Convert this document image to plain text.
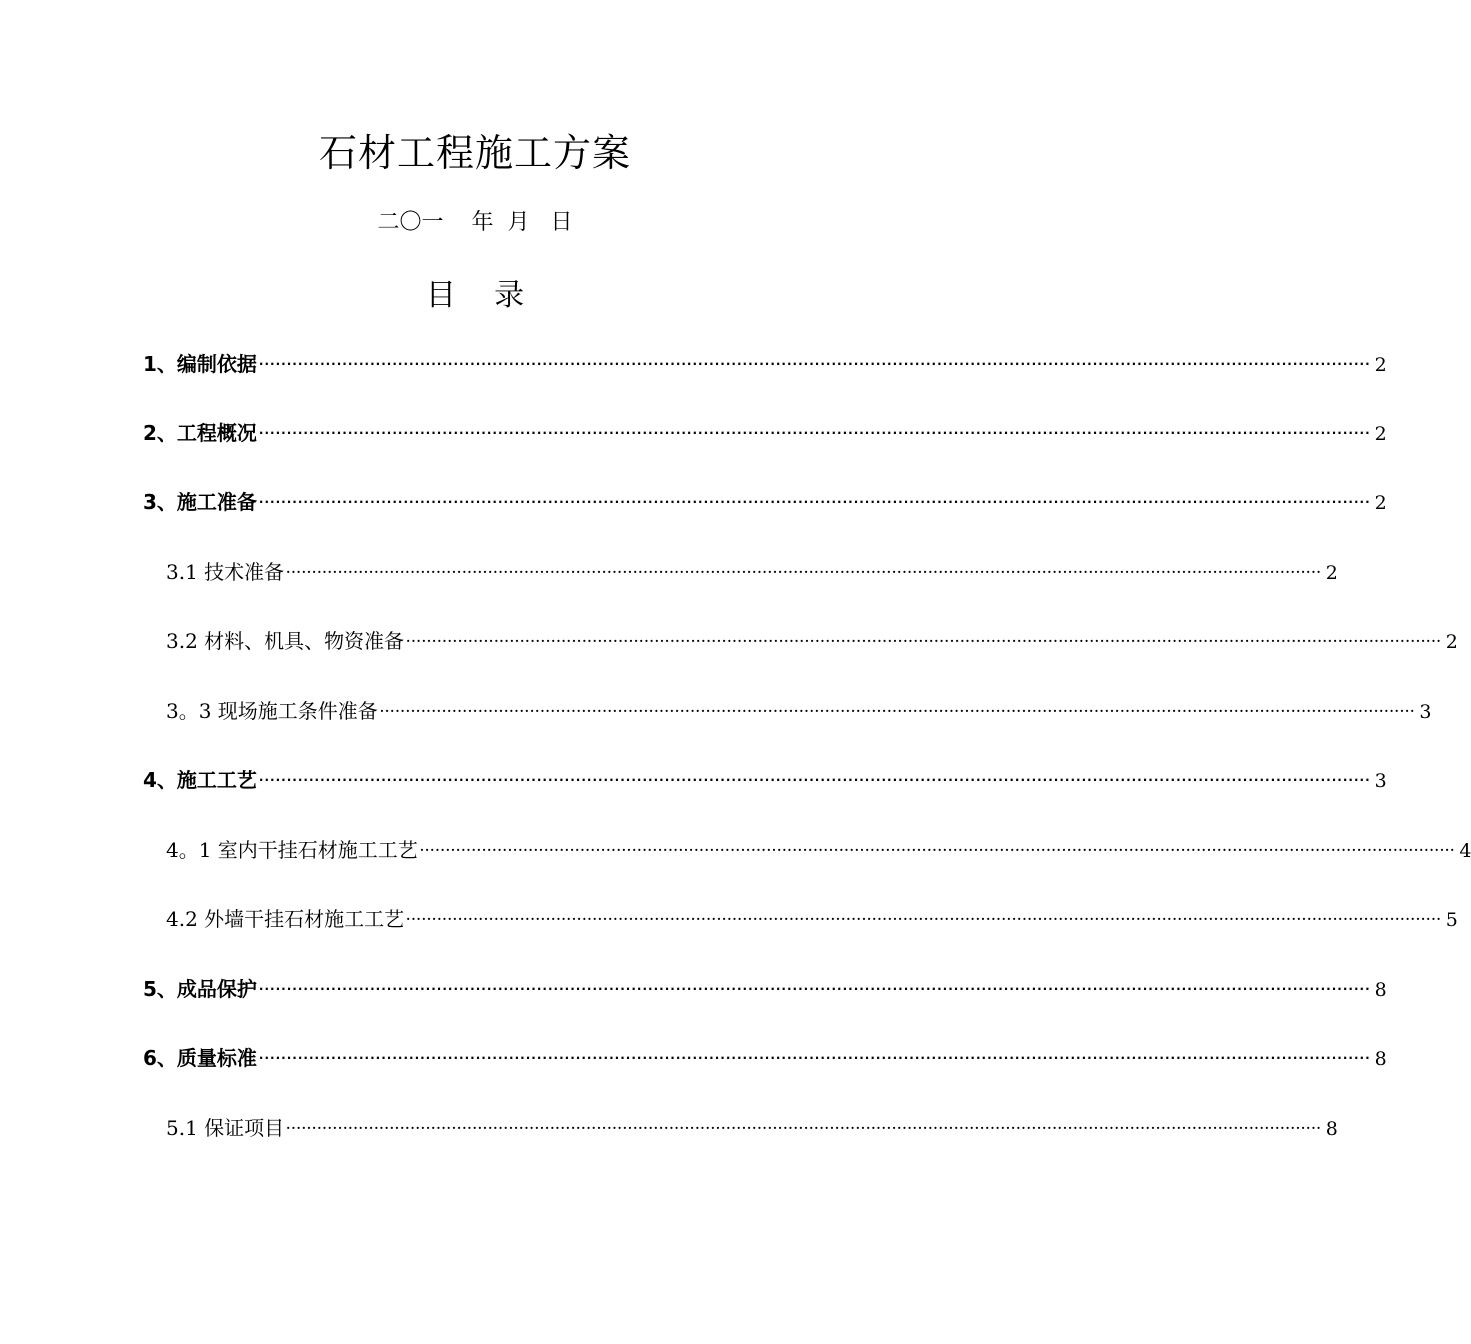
石材工程施工方案
二〇一    年  月   日
目    录
1、编制依据 ········································································································································································································ 2
2、工程概况 ········································································································································································································ 2
3、施工准备 ········································································································································································································ 2
3.1 技术准备 ········································································································································································································ 2
3.2 材料、机具、物资准备 ········································································································································································································ 2
3。3 现场施工条件准备 ········································································································································································································ 3
4、施工工艺 ········································································································································································································ 3
4。1 室内干挂石材施工工艺 ········································································································································································································ 4
4.2 外墙干挂石材施工工艺 ········································································································································································································ 5
5、成品保护 ········································································································································································································ 8
6、质量标准 ········································································································································································································ 8
5.1 保证项目 ········································································································································································································ 8
